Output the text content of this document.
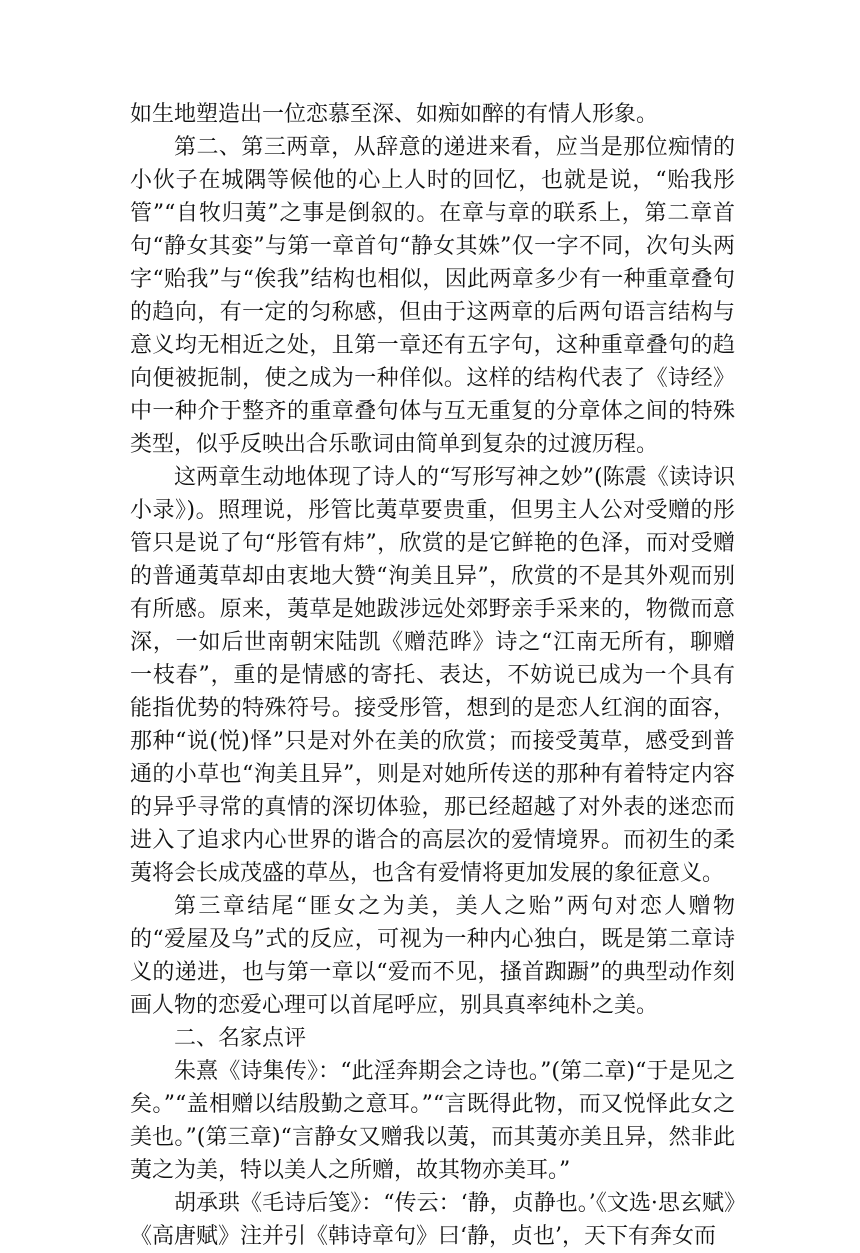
如生地塑造出一位恋慕至深、如痴如醉的有情人形象。

第二、第三两章，从辞意的递进来看，应当是那位痴情的小伙子在城隅等候他的心上人时的回忆，也就是说，“贻我彤管”“自牧归荑”之事是倒叙的。在章与章的联系上，第二章首句“静女其娈”与第一章首句“静女其姝”仅一字不同，次句头两字“贻我”与“俟我”结构也相似，因此两章多少有一种重章叠句的趋向，有一定的匀称感，但由于这两章的后两句语言结构与意义均无相近之处，且第一章还有五字句，这种重章叠句的趋向便被扼制，使之成为一种佯似。这样的结构代表了《诗经》中一种介于整齐的重章叠句体与互无重复的分章体之间的特殊类型，似乎反映出合乐歌词由简单到复杂的过渡历程。

这两章生动地体现了诗人的“写形写神之妙”(陈震《读诗识小录》)。照理说，彤管比荑草要贵重，但男主人公对受赠的彤管只是说了句“彤管有炜”，欣赏的是它鲜艳的色泽，而对受赠的普通荑草却由衷地大赞“洵美且异”，欣赏的不是其外观而别有所感。原来，荑草是她跋涉远处郊野亲手采来的，物微而意深，一如后世南朝宋陆凯《赠范晔》诗之“江南无所有，聊赠一枝春”，重的是情感的寄托、表达，不妨说已成为一个具有能指优势的特殊符号。接受彤管，想到的是恋人红润的面容，那种“说(悦)怿”只是对外在美的欣赏；而接受荑草，感受到普通的小草也“洵美且异”，则是对她所传送的那种有着特定内容的异乎寻常的真情的深切体验，那已经超越了对外表的迷恋而进入了追求内心世界的谐合的高层次的爱情境界。而初生的柔荑将会长成茂盛的草丛，也含有爱情将更加发展的象征意义。

第三章结尾“匪女之为美，美人之贻”两句对恋人赠物的“爱屋及乌”式的反应，可视为一种内心独白，既是第二章诗义的递进，也与第一章以“爱而不见，搔首踟蹰”的典型动作刻画人物的恋爱心理可以首尾呼应，别具真率纯朴之美。

二、名家点评

朱熹《诗集传》：“此淫奔期会之诗也。”(第二章)“于是见之矣。”“盖相赠以结殷勤之意耳。”“言既得此物，而又悦怿此女之美也。”(第三章)“言静女又赠我以荑，而其荑亦美且异，然非此荑之为美，特以美人之所赠，故其物亦美耳。”

胡承珙《毛诗后笺》：“传云：‘静，贞静也。’《文选·思玄赋》《高唐赋》注并引《韩诗章句》曰‘静，贞也’，天下有奔女而
